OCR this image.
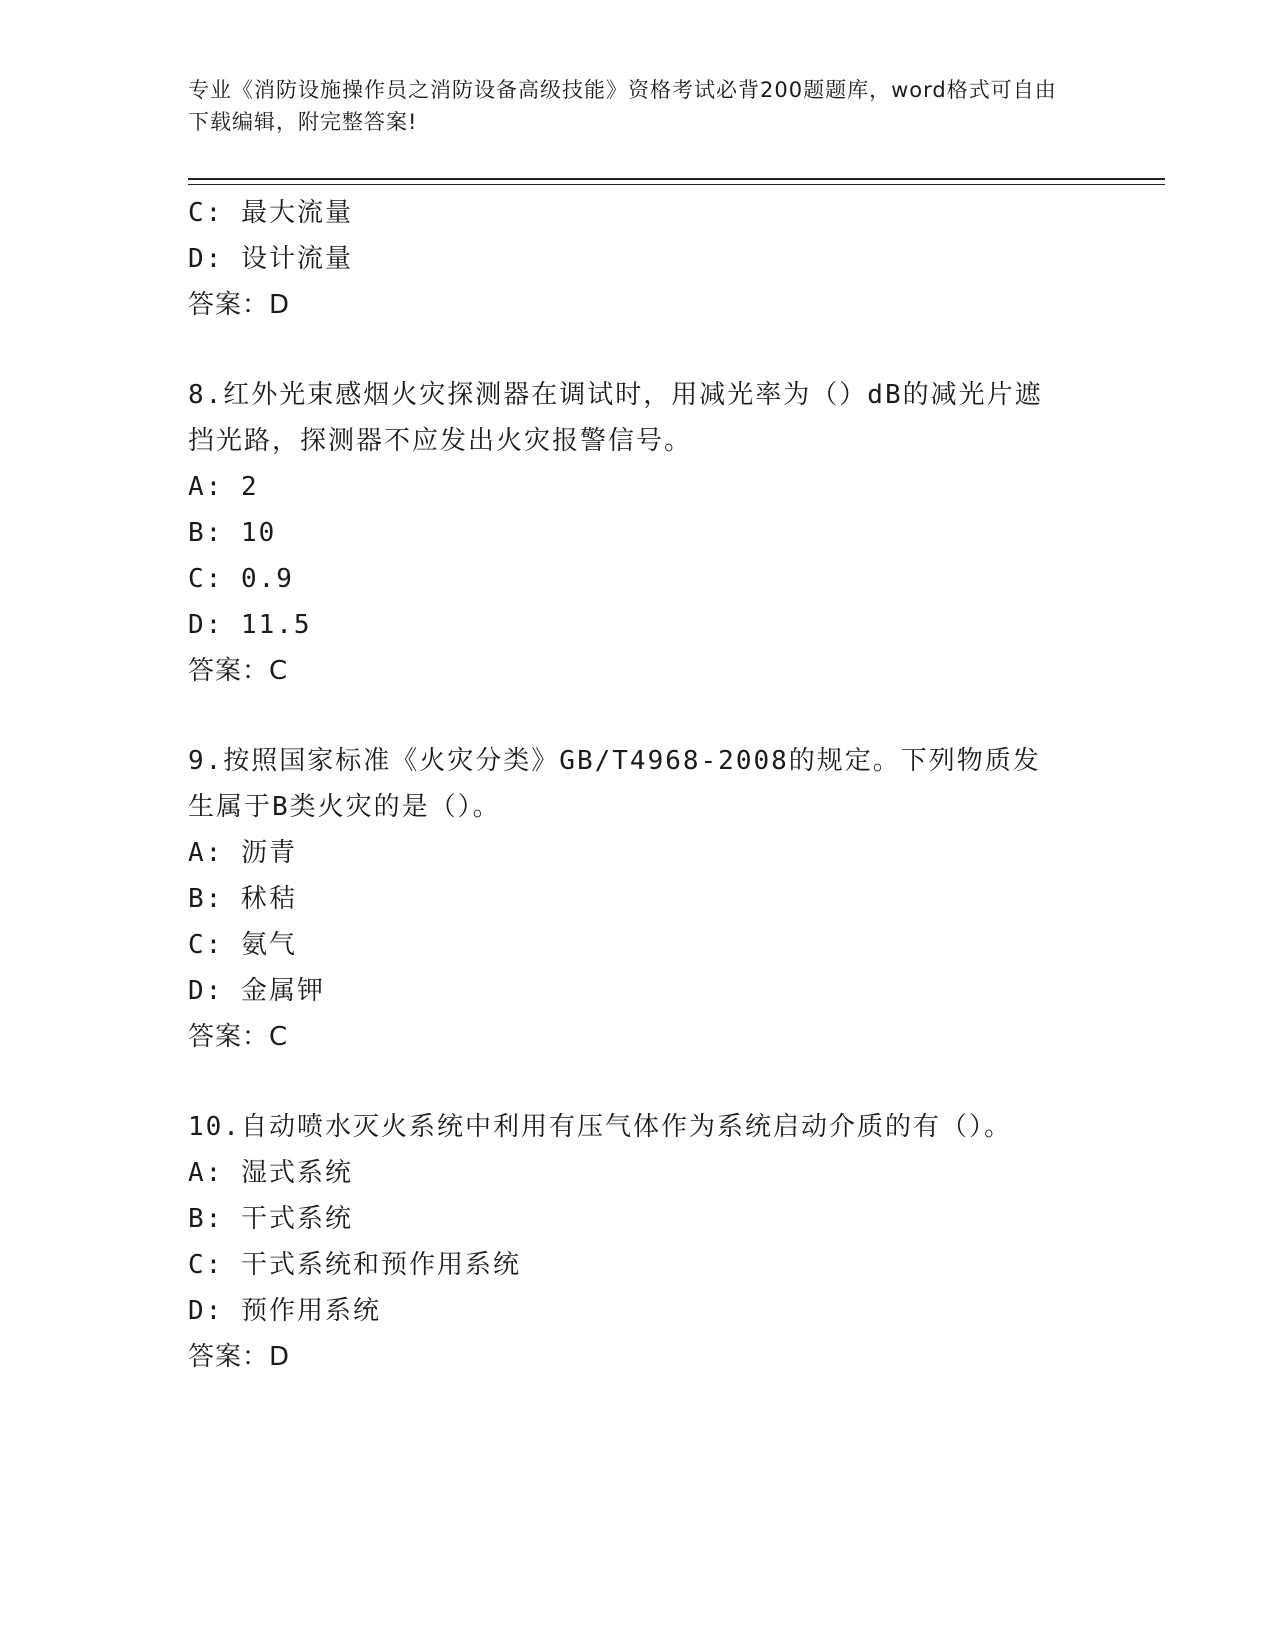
专业《消防设施操作员之消防设备高级技能》资格考试必背200题题库，word格式可自由下载编辑，附完整答案!
C: 最大流量
D: 设计流量
答案：D
8.红外光束感烟火灾探测器在调试时，用减光率为（）dB的减光片遮挡光路，探测器不应发出火灾报警信号。
A: 2
B: 10
C: 0.9
D: 11.5
答案：C
9.按照国家标准《火灾分类》GB/T4968-2008的规定。下列物质发生属于B类火灾的是（）。
A: 沥青
B: 秫秸
C: 氨气
D: 金属钾
答案：C
10.自动喷水灭火系统中利用有压气体作为系统启动介质的有（）。
A: 湿式系统
B: 干式系统
C: 干式系统和预作用系统
D: 预作用系统
答案：D
